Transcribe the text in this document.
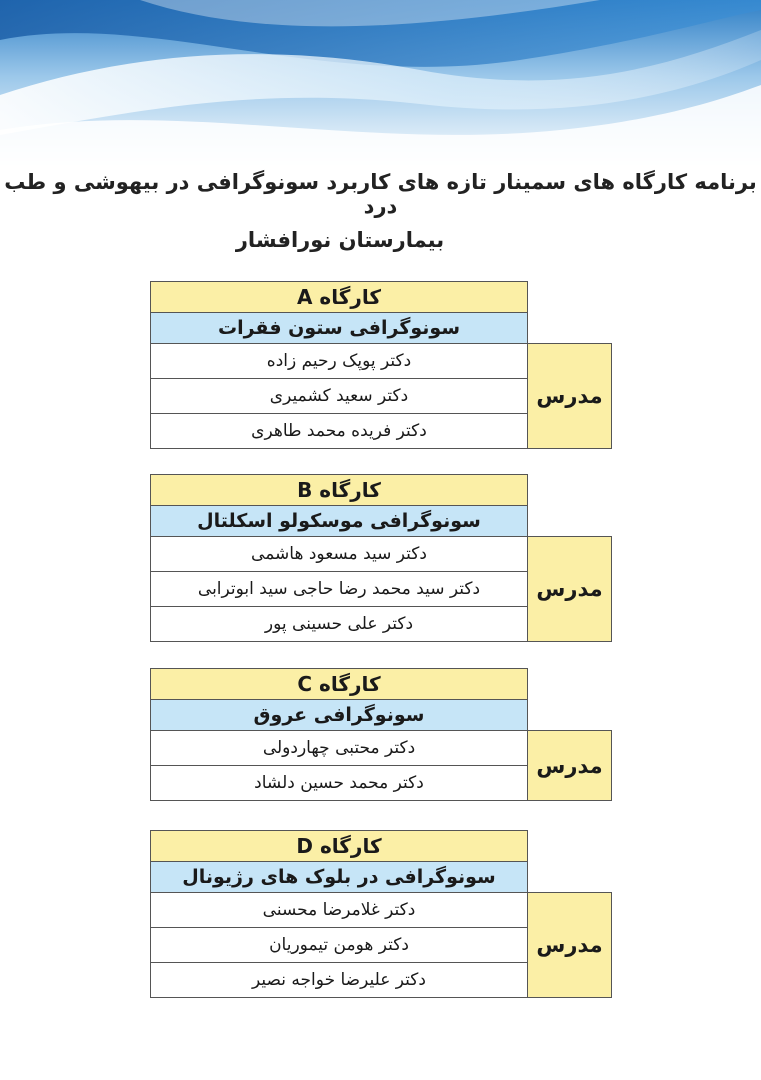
برنامه کارگاه های سمینار تازه های کاربرد سونوگرافی در بیهوشی و طب درد
بیمارستان نورافشار
A کارگاه
سونوگرافی ستون فقرات
دکتر پوپک رحیم زاده
دکتر سعید کشمیری
دکتر فریده محمد طاهری
مدرس
B کارگاه
سونوگرافی موسکولو اسکلتال
دکتر سید مسعود هاشمی
دکتر سید محمد رضا حاجی سید ابوترابی
دکتر علی حسینی پور
مدرس
C کارگاه
سونوگرافی عروق
دکتر محتبی چهاردولی
دکتر محمد حسین دلشاد
مدرس
D کارگاه
سونوگرافی در بلوک های رژیونال
دکتر غلامرضا محسنی
دکتر هومن تیموریان
دکتر علیرضا خواجه نصیر
مدرس
